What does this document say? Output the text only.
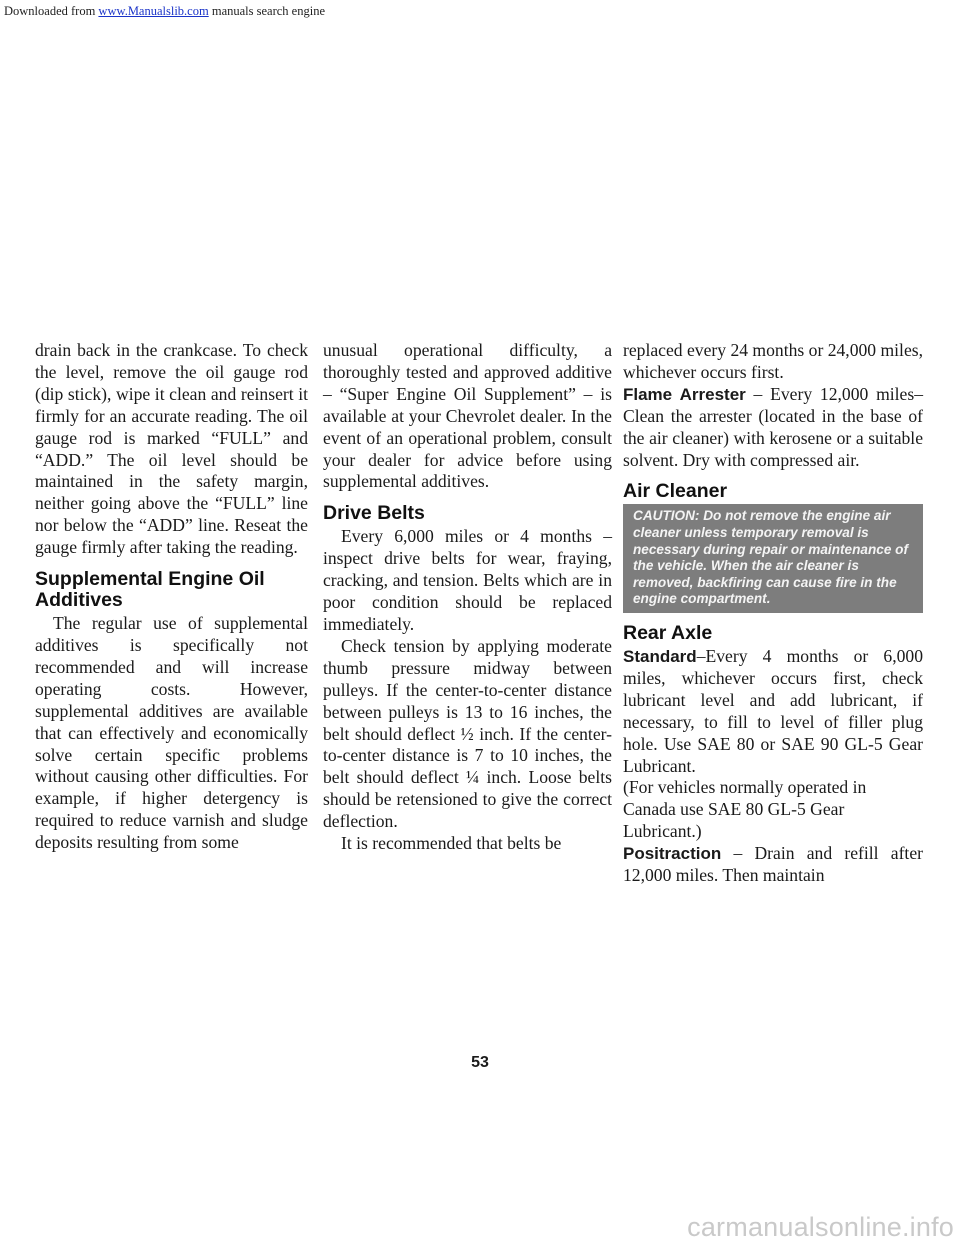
Downloaded from www.Manualslib.com manuals search engine

drain back in the crankcase. To check the level, remove the oil gauge rod (dip stick), wipe it clean and reinsert it firmly for an accurate reading. The oil gauge rod is marked “FULL” and “ADD.” The oil level should be maintained in the safety margin, neither going above the “FULL” line nor below the “ADD” line. Reseat the gauge firmly after taking the reading.

Supplemental Engine Oil Additives

The regular use of supplemental additives is specifically not recommended and will increase operating costs. However, supplemental additives are available that can effectively and economically solve certain specific problems without causing other difficulties. For example, if higher detergency is required to reduce varnish and sludge deposits resulting from some

unusual operational difficulty, a thoroughly tested and approved additive – “Super Engine Oil Supplement” – is available at your Chevrolet dealer. In the event of an operational problem, consult your dealer for advice before using supplemental additives.

Drive Belts

Every 6,000 miles or 4 months –inspect drive belts for wear, fraying, cracking, and tension. Belts which are in poor condition should be replaced immediately.

Check tension by applying moderate thumb pressure midway between pulleys. If the center-to-center distance between pulleys is 13 to 16 inches, the belt should deflect ½ inch. If the center-to-center distance is 7 to 10 inches, the belt should deflect ¼ inch. Loose belts should be retensioned to give the correct deflection.

It is recommended that belts be

replaced every 24 months or 24,000 miles, whichever occurs first.

Flame Arrester – Every 12,000 miles–Clean the arrester (located in the base of the air cleaner) with kerosene or a suitable solvent. Dry with compressed air.

Air Cleaner
CAUTION: Do not remove the engine air cleaner unless temporary removal is necessary during repair or maintenance of the vehicle. When the air cleaner is removed, backfiring can cause fire in the engine compartment.
Rear Axle

Standard–Every 4 months or 6,000 miles, whichever occurs first, check lubricant level and add lubricant, if necessary, to fill to level of filler plug hole. Use SAE 80 or SAE 90 GL-5 Gear Lubricant.

(For vehicles normally operated in Canada use SAE 80 GL-5 Gear Lubricant.)

Positraction – Drain and refill after 12,000 miles. Then maintain

53
carmanualsonline.info
